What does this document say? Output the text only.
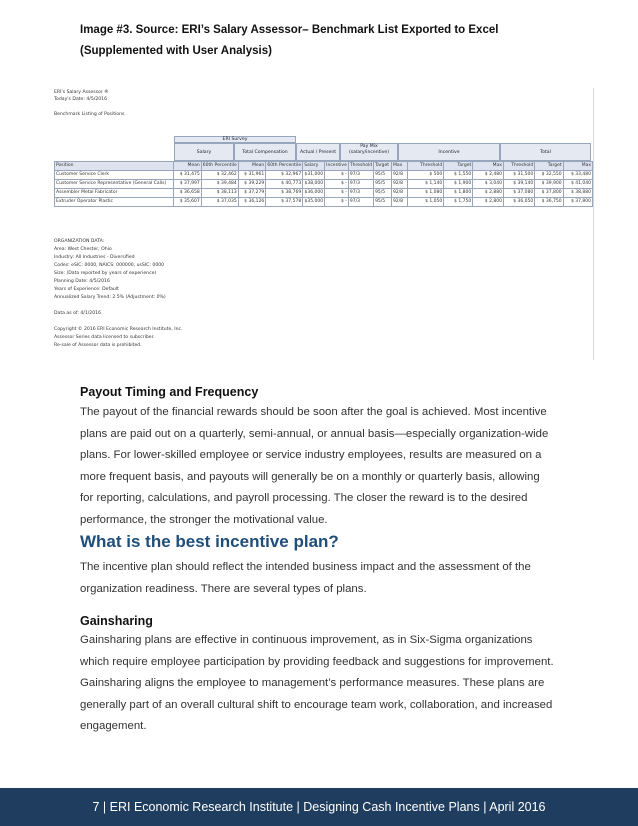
Image #3. Source: ERI’s Salary Assessor– Benchmark List Exported to Excel
(Supplemented with User Analysis)
ERI's Salary Assessor ®
Today's Date: 4/5/2016
Benchmark Listing of Positions
ERI Survey
Salary	Total Compensation	Actual / Present
Pay Mix
(salary/incentive)	Incentive	Total
Position	Mean	60th Percentile	Mean	60th Percentile	Salary	Incentive	Threshold	Target	Max	Threshold	Target	Max	Threshold	Target	Max
Customer Service Clerk	$ 31,475	$ 32,462	$ 31,961	$ 32,967	$31,000	$ -	97/3	95/5	92/8	$ 500	$ 1,550	$ 2,480	$ 31,500	$ 32,550	$ 33,480
Customer Service Representative (General Calls)	$ 37,997	$ 39,484	$ 39,229	$ 40,773	$38,000	$ -	97/3	95/5	92/8	$ 1,140	$ 1,900	$ 3,040	$ 39,140	$ 39,900	$ 41,040
Assembler Metal Fabricator	$ 36,658	$ 38,113	$ 37,279	$ 38,769	$36,000	$ -	97/3	95/5	92/8	$ 1,080	$ 1,800	$ 2,880	$ 37,080	$ 37,800	$ 38,880
Extruder Operator Plastic	$ 35,607	$ 37,035	$ 36,126	$ 37,578	$35,000	$ -	97/3	95/5	92/8	$ 1,050	$ 1,750	$ 2,800	$ 36,050	$ 36,750	$ 37,800
ORGANIZATION DATA:
Area: West Chester, Ohio
Industry: All Industries - Diversified
Codes: eSIC: 0000, NAICS: 000000, usSIC: 0000
Size: (Data reported by years of experience)
Planning Date: 4/5/2016
Years of Experience: Default
Annualized Salary Trend: 2.5% (Adjustment: 0%)
Data as of: 4/1/2016
Copyright © 2016 ERI Economic Research Institute, Inc.
Assessor Series data licensed to subscriber.
Re-sale of Assessor data is prohibited.
Payout Timing and Frequency
The payout of the financial rewards should be soon after the goal is achieved. Most incentive
plans are paid out on a quarterly, semi-annual, or annual basis—especially organization-wide
plans. For lower-skilled employee or service industry employees, results are measured on a
more frequent basis, and payouts will generally be on a monthly or quarterly basis, allowing
for reporting, calculations, and payroll processing. The closer the reward is to the desired
performance, the stronger the motivational value.
What is the best incentive plan?
The incentive plan should reflect the intended business impact and the assessment of the
organization readiness. There are several types of plans.
Gainsharing
Gainsharing plans are effective in continuous improvement, as in Six-Sigma organizations
which require employee participation by providing feedback and suggestions for improvement.
Gainsharing aligns the employee to management’s performance measures. These plans are
generally part of an overall cultural shift to encourage team work, collaboration, and increased
engagement.
7 | ERI Economic Research Institute | Designing Cash Incentive Plans | April 2016
